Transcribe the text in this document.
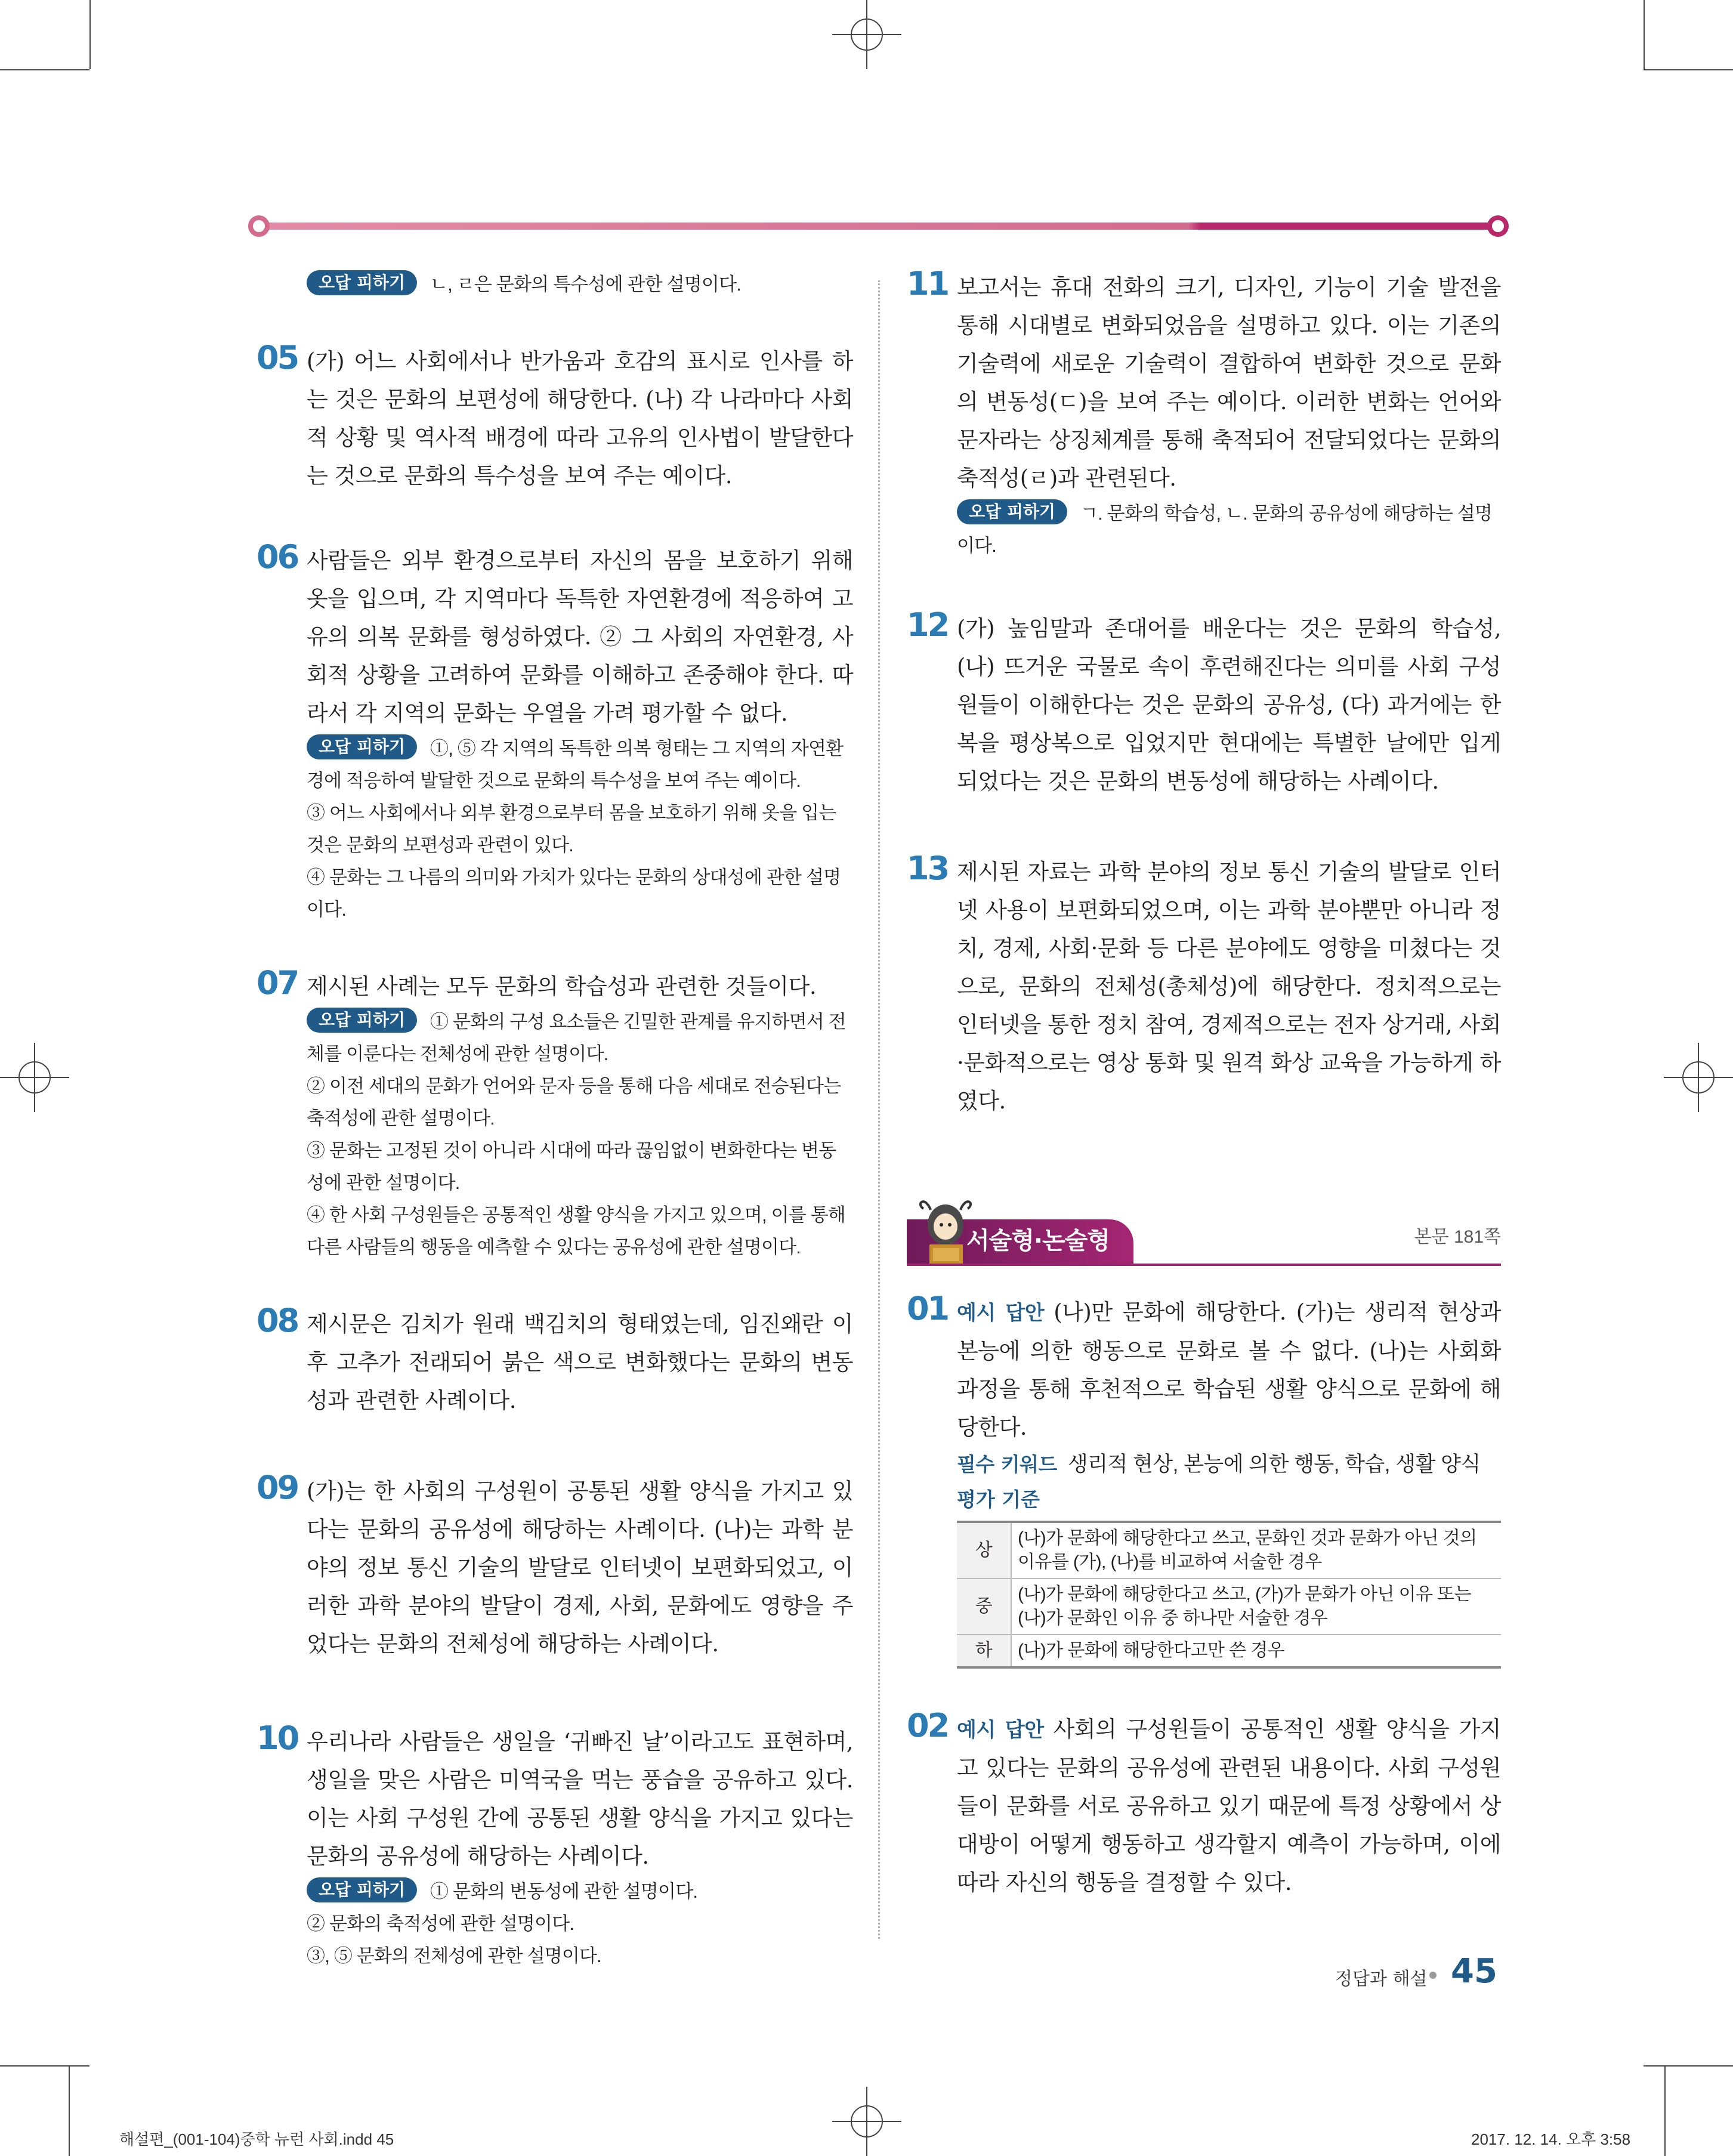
오답 피하기 ㄴ, ㄹ은 문화의 특수성에 관한 설명이다.
05 (가) 어느 사회에서나 반가움과 호감의 표시로 인사를 하는 것은 문화의 보편성에 해당한다. (나) 각 나라마다 사회적 상황 및 역사적 배경에 따라 고유의 인사법이 발달한다는 것으로 문화의 특수성을 보여 주는 예이다.
06 사람들은 외부 환경으로부터 자신의 몸을 보호하기 위해 옷을 입으며, 각 지역마다 독특한 자연환경에 적응하여 고유의 의복 문화를 형성하였다. ② 그 사회의 자연환경, 사회적 상황을 고려하여 문화를 이해하고 존중해야 한다. 따라서 각 지역의 문화는 우열을 가려 평가할 수 없다.
오답 피하기 ①, ⑤ 각 지역의 독특한 의복 형태는 그 지역의 자연환경에 적응하여 발달한 것으로 문화의 특수성을 보여 주는 예이다.
③ 어느 사회에서나 외부 환경으로부터 몸을 보호하기 위해 옷을 입는 것은 문화의 보편성과 관련이 있다.
④ 문화는 그 나름의 의미와 가치가 있다는 문화의 상대성에 관한 설명이다.
07 제시된 사례는 모두 문화의 학습성과 관련한 것들이다.
오답 피하기 ① 문화의 구성 요소들은 긴밀한 관계를 유지하면서 전체를 이룬다는 전체성에 관한 설명이다.
② 이전 세대의 문화가 언어와 문자 등을 통해 다음 세대로 전승된다는 축적성에 관한 설명이다.
③ 문화는 고정된 것이 아니라 시대에 따라 끊임없이 변화한다는 변동성에 관한 설명이다.
④ 한 사회 구성원들은 공통적인 생활 양식을 가지고 있으며, 이를 통해 다른 사람들의 행동을 예측할 수 있다는 공유성에 관한 설명이다.
08 제시문은 김치가 원래 백김치의 형태였는데, 임진왜란 이후 고추가 전래되어 붉은 색으로 변화했다는 문화의 변동성과 관련한 사례이다.
09 (가)는 한 사회의 구성원이 공통된 생활 양식을 가지고 있다는 문화의 공유성에 해당하는 사례이다. (나)는 과학 분야의 정보 통신 기술의 발달로 인터넷이 보편화되었고, 이러한 과학 분야의 발달이 경제, 사회, 문화에도 영향을 주었다는 문화의 전체성에 해당하는 사례이다.
10 우리나라 사람들은 생일을 ‘귀빠진 날’이라고도 표현하며, 생일을 맞은 사람은 미역국을 먹는 풍습을 공유하고 있다. 이는 사회 구성원 간에 공통된 생활 양식을 가지고 있다는 문화의 공유성에 해당하는 사례이다.
오답 피하기 ① 문화의 변동성에 관한 설명이다.
② 문화의 축적성에 관한 설명이다.
③, ⑤ 문화의 전체성에 관한 설명이다.
11 보고서는 휴대 전화의 크기, 디자인, 기능이 기술 발전을 통해 시대별로 변화되었음을 설명하고 있다. 이는 기존의 기술력에 새로운 기술력이 결합하여 변화한 것으로 문화의 변동성(ㄷ)을 보여 주는 예이다. 이러한 변화는 언어와 문자라는 상징체계를 통해 축적되어 전달되었다는 문화의 축적성(ㄹ)과 관련된다.
오답 피하기 ㄱ. 문화의 학습성, ㄴ. 문화의 공유성에 해당하는 설명이다.
12 (가) 높임말과 존대어를 배운다는 것은 문화의 학습성, (나) 뜨거운 국물로 속이 후련해진다는 의미를 사회 구성원들이 이해한다는 것은 문화의 공유성, (다) 과거에는 한복을 평상복으로 입었지만 현대에는 특별한 날에만 입게 되었다는 것은 문화의 변동성에 해당하는 사례이다.
13 제시된 자료는 과학 분야의 정보 통신 기술의 발달로 인터넷 사용이 보편화되었으며, 이는 과학 분야뿐만 아니라 정치, 경제, 사회·문화 등 다른 분야에도 영향을 미쳤다는 것으로, 문화의 전체성(총체성)에 해당한다. 정치적으로는 인터넷을 통한 정치 참여, 경제적으로는 전자 상거래, 사회·문화적으로는 영상 통화 및 원격 화상 교육을 가능하게 하였다.
서술형·논술형	본문 181쪽
01 예시 답안 (나)만 문화에 해당한다. (가)는 생리적 현상과 본능에 의한 행동으로 문화로 볼 수 없다. (나)는 사회화 과정을 통해 후천적으로 학습된 생활 양식으로 문화에 해당한다.
필수 키워드 생리적 현상, 본능에 의한 행동, 학습, 생활 양식
평가 기준
상	(나)가 문화에 해당한다고 쓰고, 문화인 것과 문화가 아닌 것의 이유를 (가), (나)를 비교하여 서술한 경우
중	(나)가 문화에 해당한다고 쓰고, (가)가 문화가 아닌 이유 또는 (나)가 문화인 이유 중 하나만 서술한 경우
하	(나)가 문화에 해당한다고만 쓴 경우
02 예시 답안 사회의 구성원들이 공통적인 생활 양식을 가지고 있다는 문화의 공유성에 관련된 내용이다. 사회 구성원들이 문화를 서로 공유하고 있기 때문에 특정 상황에서 상대방이 어떻게 행동하고 생각할지 예측이 가능하며, 이에 따라 자신의 행동을 결정할 수 있다.
정답과 해설 45
해설편_(001-104)중학 뉴런 사회.indd 45	2017. 12. 14. 오후 3:58
